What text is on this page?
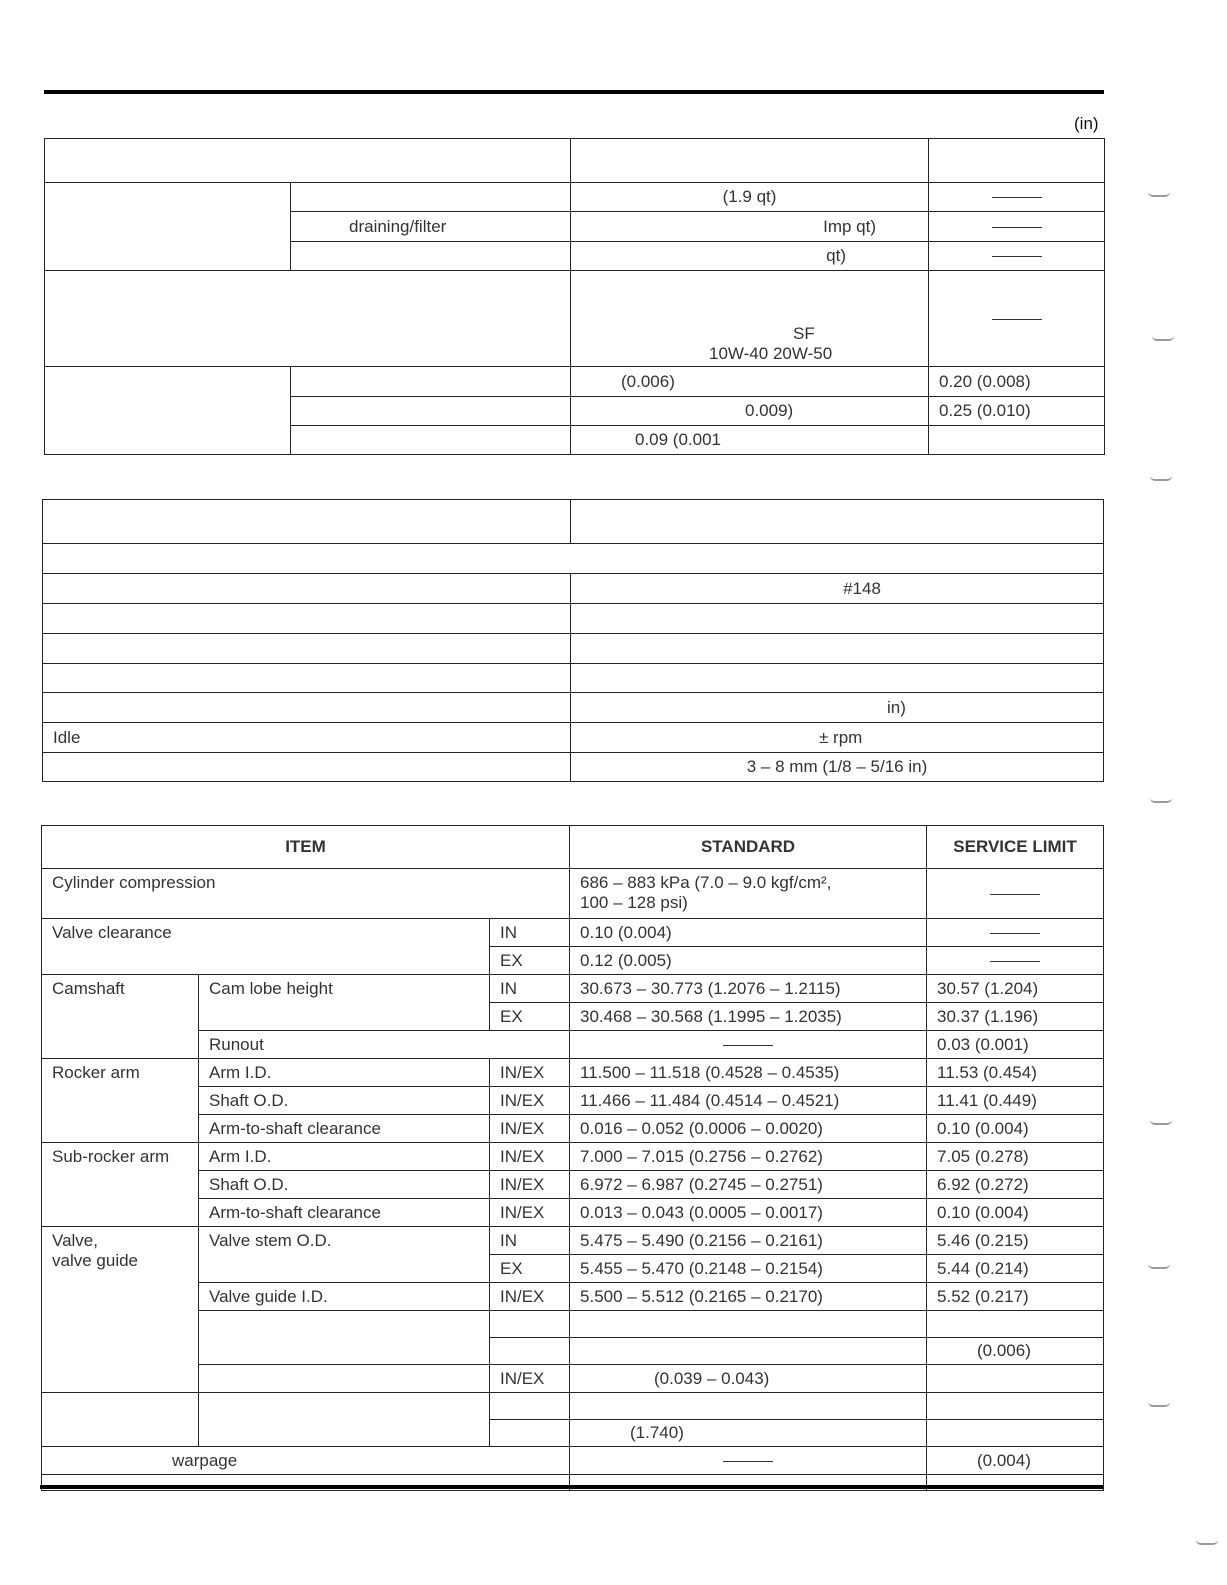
(in)

		(1.9 qt)	
	draining/filter	Imp qt)	
		qt)	

		SF
10W-40 20W-50	

		(0.006)	0.20 (0.008)
		0.009)	0.25 (0.010)
		0.09 (0.001	

	#148

	in)
Idle	± rpm
	3 – 8 mm (1/8 – 5/16 in)
ITEM			STANDARD	SERVICE LIMIT
Cylinder compression			686 – 883 kPa (7.0 – 9.0 kgf/cm²,
100 – 128 psi)	

Valve clearance		IN	0.10 (0.004)	
		EX	0.12 (0.005)	
Camshaft	Cam lobe height	IN	30.673 – 30.773 (1.2076 – 1.2115)	30.57 (1.204)
		EX	30.468 – 30.568 (1.1995 – 1.2035)	30.37 (1.196)
	Runout			0.03 (0.001)
Rocker arm	Arm I.D.	IN/EX	11.500 – 11.518 (0.4528 – 0.4535)	11.53 (0.454)
	Shaft O.D.	IN/EX	11.466 – 11.484 (0.4514 – 0.4521)	11.41 (0.449)
	Arm-to-shaft clearance	IN/EX	0.016 – 0.052 (0.0006 – 0.0020)	0.10 (0.004)
Sub-rocker arm	Arm I.D.	IN/EX	7.000 – 7.015 (0.2756 – 0.2762)	7.05 (0.278)
	Shaft O.D.	IN/EX	6.972 – 6.987 (0.2745 – 0.2751)	6.92 (0.272)
	Arm-to-shaft clearance	IN/EX	0.013 – 0.043 (0.0005 – 0.0017)	0.10 (0.004)

Valve,
valve guide	Valve stem O.D.	IN	5.475 – 5.490 (0.2156 – 0.2161)	5.46 (0.215)
		EX	5.455 – 5.470 (0.2148 – 0.2154)	5.44 (0.214)
	Valve guide I.D.	IN/EX	5.500 – 5.512 (0.2165 – 0.2170)	5.52 (0.217)

				(0.006)
		IN/EX	(0.039 – 0.043)	

			(1.740)	
warpage				(0.004)
